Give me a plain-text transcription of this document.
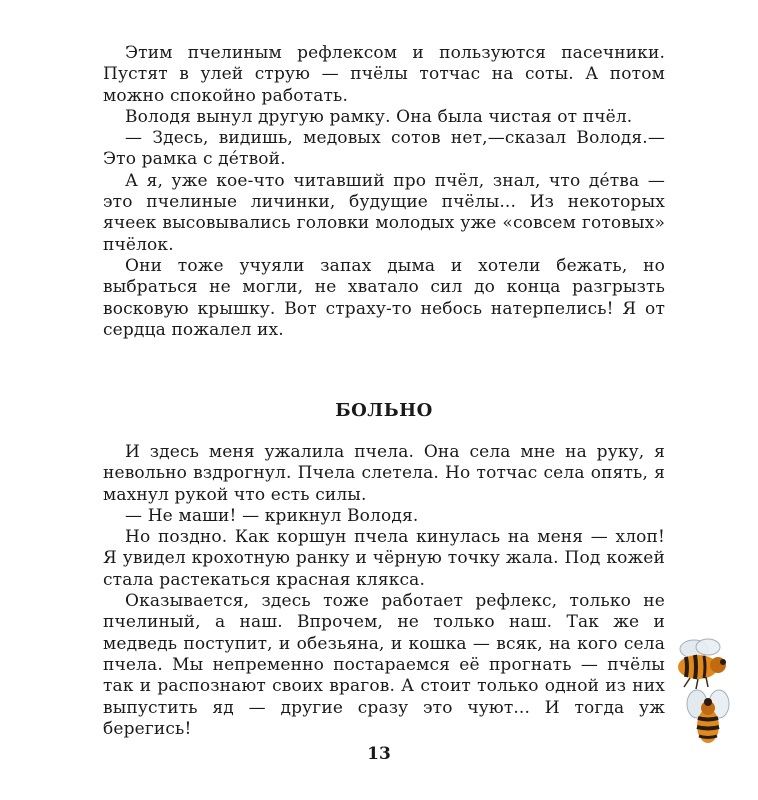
Этим пчелиным рефлексом и пользуются пасечники. Пустят в улей струю — пчёлы тотчас на соты. А потом можно спокойно работать.

Володя вынул другую рамку. Она была чистая от пчёл.

— Здесь, видишь, медовых сотов нет,—сказал Володя.— Это рамка с дéтвой.

А я, уже кое-что читавший про пчёл, знал, что дéтва — это пчелиные личинки, будущие пчёлы... Из некоторых ячеек высовывались головки молодых уже «совсем готовых» пчёлок.

Они тоже учуяли запах дыма и хотели бежать, но выбраться не могли, не хватало сил до конца разгрызть восковую крышку. Вот страху-то небось натерпелись! Я от сердца пожалел их.

БОЛЬНО

И здесь меня ужалила пчела. Она села мне на руку, я невольно вздрогнул. Пчела слетела. Но тотчас села опять, я махнул рукой что есть силы.

— Не маши! — крикнул Володя.

Но поздно. Как коршун пчела кинулась на меня — хлоп! Я увидел крохотную ранку и чёрную точку жала. Под кожей стала растекаться красная клякса.

Оказывается, здесь тоже работает рефлекс, только не пчелиный, а наш. Впрочем, не только наш. Так же и медведь поступит, и обезьяна, и кошка — всяк, на кого села пчела. Мы непременно постараемся её прогнать — пчёлы так и распознают своих врагов. А стоит только одной из них выпустить яд — другие сразу это чуют... И тогда уж берегись!

13
